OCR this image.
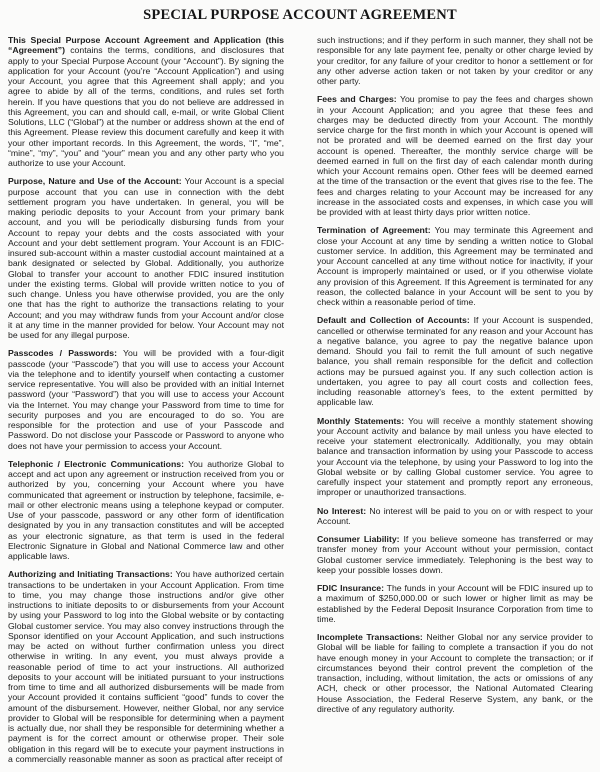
SPECIAL PURPOSE ACCOUNT AGREEMENT

This Special Purpose Account Agreement and Application (this “Agreement”) contains the terms, conditions, and disclosures that apply to your Special Purpose Account (your “Account”). By signing the application for your Account (you’re “Account Application”) and using your Account, you agree that this Agreement shall apply; and you agree to abide by all of the terms, conditions, and rules set forth herein. If you have questions that you do not believe are addressed in this Agreement, you can and should call, e-mail, or write Global Client Solutions, LLC (“Global”) at the number or address shown at the end of this Agreement. Please review this document carefully and keep it with your other important records. In this Agreement, the words, “I”, “me”, “mine”, “my”, “you” and “your” mean you and any other party who you authorize to use your Account.

Purpose, Nature and Use of the Account: Your Account is a special purpose account that you can use in connection with the debt settlement program you have undertaken. In general, you will be making periodic deposits to your Account from your primary bank account, and you will be periodically disbursing funds from your Account to repay your debts and the costs associated with your Account and your debt settlement program. Your Account is an FDIC-insured sub-account within a master custodial account maintained at a bank designated or selected by Global. Additionally, you authorize Global to transfer your account to another FDIC insured institution under the existing terms. Global will provide written notice to you of such change. Unless you have otherwise provided, you are the only one that has the right to authorize the transactions relating to your Account; and you may withdraw funds from your Account and/or close it at any time in the manner provided for below. Your Account may not be used for any illegal purpose.

Passcodes / Passwords: You will be provided with a four-digit passcode (your “Passcode”) that you will use to access your Account via the telephone and to identify yourself when contacting a customer service representative. You will also be provided with an initial Internet password (your “Password”) that you will use to access your Account via the Internet. You may change your Password from time to time for security purposes and you are encouraged to do so. You are responsible for the protection and use of your Passcode and Password. Do not disclose your Passcode or Password to anyone who does not have your permission to access your Account.

Telephonic / Electronic Communications: You authorize Global to accept and act upon any agreement or instruction received from you or authorized by you, concerning your Account where you have communicated that agreement or instruction by telephone, facsimile, e-mail or other electronic means using a telephone keypad or computer. Use of your passcode, password or any other form of identification designated by you in any transaction constitutes and will be accepted as your electronic signature, as that term is used in the federal Electronic Signature in Global and National Commerce law and other applicable laws.

Authorizing and Initiating Transactions: You have authorized certain transactions to be undertaken in your Account Application. From time to time, you may change those instructions and/or give other instructions to initiate deposits to or disbursements from your Account by using your Password to log into the Global website or by contacting Global customer service. You may also convey instructions through the Sponsor identified on your Account Application, and such instructions may be acted on without further confirmation unless you direct otherwise in writing. In any event, you must always provide a reasonable period of time to act your instructions. All authorized deposits to your account will be initiated pursuant to your instructions from time to time and all authorized disbursements will be made from your Account provided it contains sufficient “good” funds to cover the amount of the disbursement. However, neither Global, nor any service provider to Global will be responsible for determining when a payment is actually due, nor shall they be responsible for determining whether a payment is for the correct amount or otherwise proper. Their sole obligation in this regard will be to execute your payment instructions in a commercially reasonable manner as soon as practical after receipt of

such instructions; and if they perform in such manner, they shall not be responsible for any late payment fee, penalty or other charge levied by your creditor, for any failure of your creditor to honor a settlement or for any other adverse action taken or not taken by your creditor or any other party.

Fees and Charges: You promise to pay the fees and charges shown in your Account Application; and you agree that these fees and charges may be deducted directly from your Account. The monthly service charge for the first month in which your Account is opened will not be prorated and will be deemed earned on the first day your account is opened. Thereafter, the monthly service charge will be deemed earned in full on the first day of each calendar month during which your Account remains open. Other fees will be deemed earned at the time of the transaction or the event that gives rise to the fee. The fees and charges relating to your Account may be increased for any increase in the associated costs and expenses, in which case you will be provided with at least thirty days prior written notice.

Termination of Agreement: You may terminate this Agreement and close your Account at any time by sending a written notice to Global customer service. In addition, this Agreement may be terminated and your Account cancelled at any time without notice for inactivity, if your Account is improperly maintained or used, or if you otherwise violate any provision of this Agreement. If this Agreement is terminated for any reason, the collected balance in your Account will be sent to you by check within a reasonable period of time.

Default and Collection of Accounts: If your Account is suspended, cancelled or otherwise terminated for any reason and your Account has a negative balance, you agree to pay the negative balance upon demand. Should you fail to remit the full amount of such negative balance, you shall remain responsible for the deficit and collection actions may be pursued against you. If any such collection action is undertaken, you agree to pay all court costs and collection fees, including reasonable attorney’s fees, to the extent permitted by applicable law.

Monthly Statements: You will receive a monthly statement showing your Account activity and balance by mail unless you have elected to receive your statement electronically. Additionally, you may obtain balance and transaction information by using your Passcode to access your Account via the telephone, by using your Password to log into the Global website or by calling Global customer service. You agree to carefully inspect your statement and promptly report any erroneous, improper or unauthorized transactions.

No Interest: No interest will be paid to you on or with respect to your Account.

Consumer Liability: If you believe someone has transferred or may transfer money from your Account without your permission, contact Global customer service immediately. Telephoning is the best way to keep your possible losses down.

FDIC Insurance: The funds in your Account will be FDIC insured up to a maximum of $250,000.00 or such lower or higher limit as may be established by the Federal Deposit Insurance Corporation from time to time.

Incomplete Transactions: Neither Global nor any service provider to Global will be liable for failing to complete a transaction if you do not have enough money in your Account to complete the transaction; or if circumstances beyond their control prevent the completion of the transaction, including, without limitation, the acts or omissions of any ACH, check or other processor, the National Automated Clearing House Association, the Federal Reserve System, any bank, or the directive of any regulatory authority.
